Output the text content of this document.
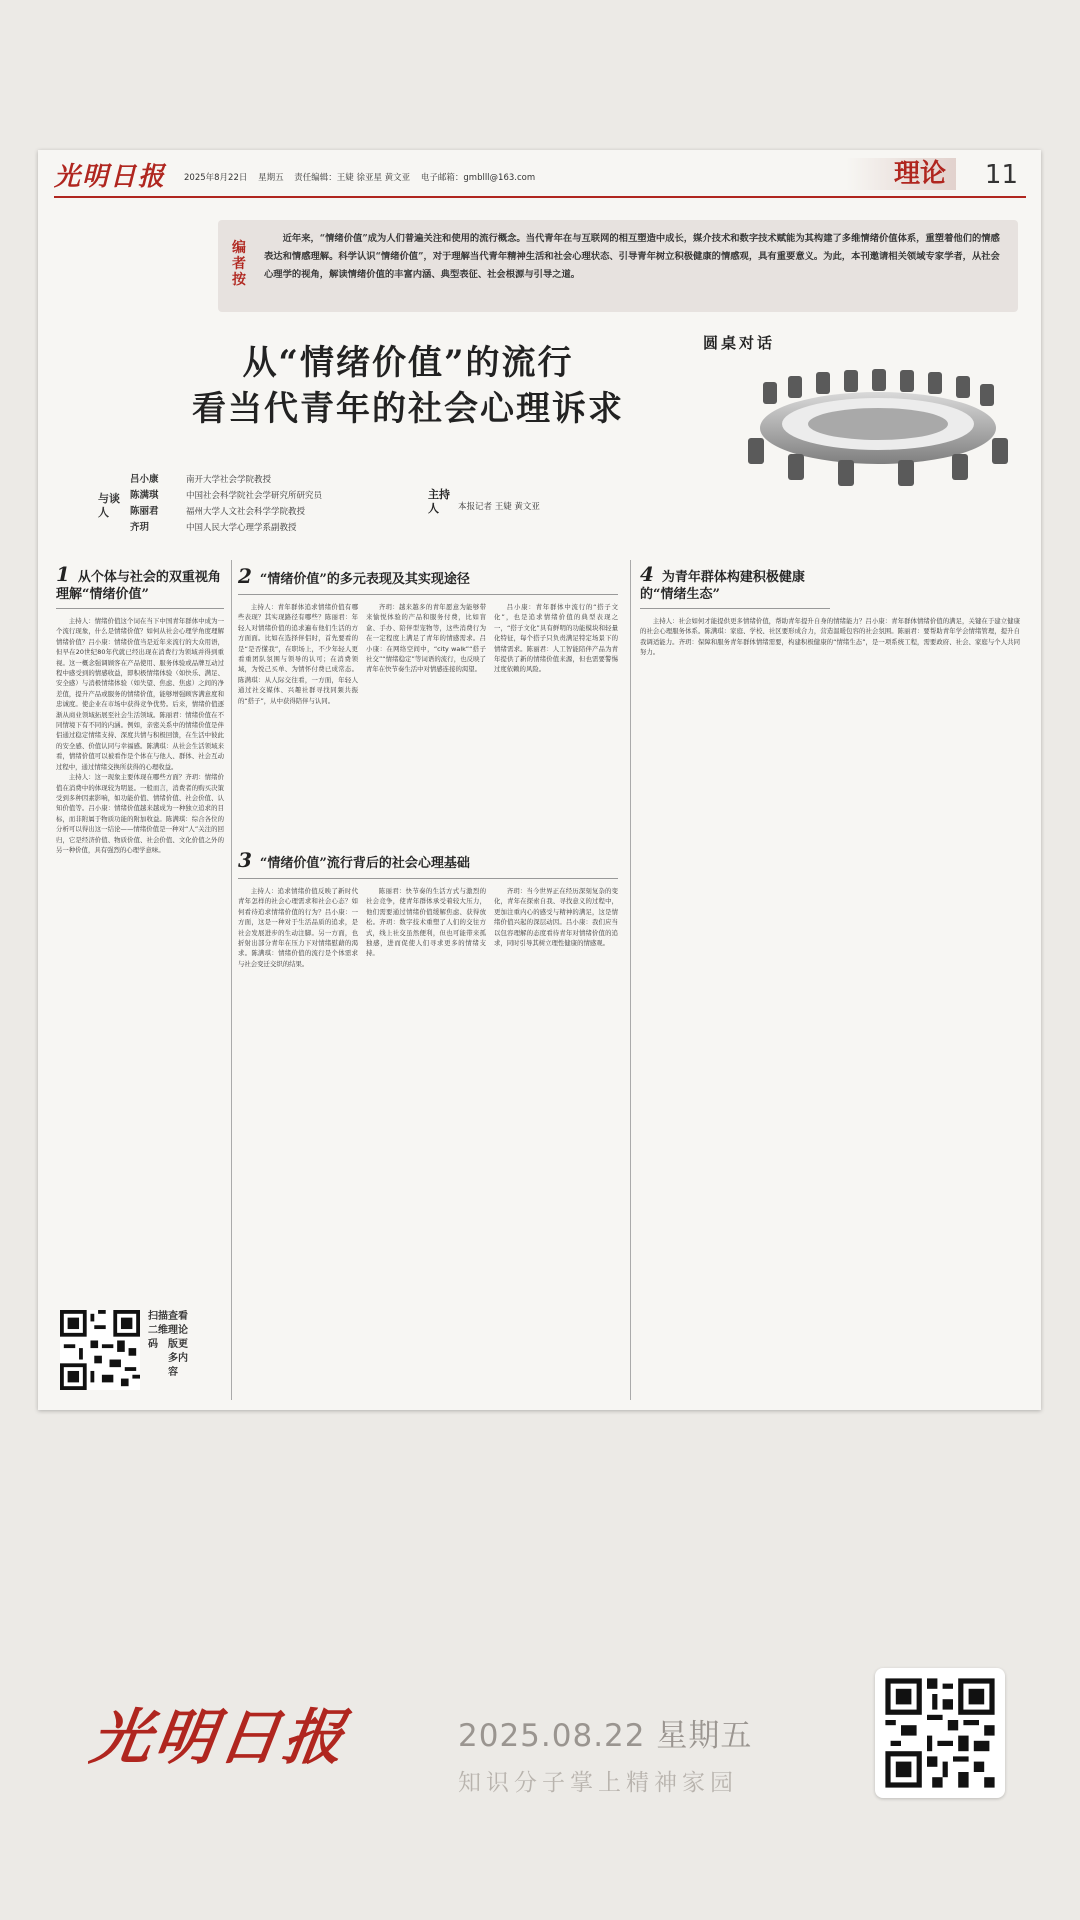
光明日报 2025年8月22日 星期五 责任编辑：王婕 徐亚星 黄文亚 电子邮箱：gmblll@163.com	理论	11
编者按
近年来，“情绪价值”成为人们普遍关注和使用的流行概念。当代青年在与互联网的相互塑造中成长，媒介技术和数字技术赋能为其构建了多维情绪价值体系，重塑着他们的情感表达和情感理解。科学认识“情绪价值”，对于理解当代青年精神生活和社会心理状态、引导青年树立积极健康的情感观，具有重要意义。为此，本刊邀请相关领域专家学者，从社会心理学的视角，解读情绪价值的丰富内涵、典型表征、社会根源与引导之道。
从“情绪价值”的流行
看当代青年的社会心理诉求
圆桌对话
与谈人
吕小康	南开大学社会学院教授
陈满琪	中国社会科学院社会学研究所研究员
陈丽君	福州大学人文社会科学学院教授
齐玥	中国人民大学心理学系副教授
主持人	本报记者 王婕 黄文亚
1 从个体与社会的双重视角理解“情绪价值”
2 “情绪价值”的多元表现及其实现途径
3 “情绪价值”流行背后的社会心理基础
4 为青年群体构建积极健康的“情绪生态”

主持人：情绪价值这个词在当下中国青年群体中成为一个流行现象，什么是情绪价值？如何从社会心理学角度理解情绪价值？吕小康：情绪价值当是近年来流行的大众用语，但早在20世纪80年代就已经出现在消费行为领域并得到重视。这一概念强调顾客在产品使用、服务体验或品牌互动过程中感受到的情感收益，即积极情绪体验（如快乐、满足、安全感）与消极情绪体验（如失望、焦虑、焦虑）之间的净差值，提升产品或服务的情绪价值，能够增强顾客满意度和忠诚度。使企业在市场中获得竞争优势。后来，情绪价值逐渐从商业领域拓展至社会生活领域。陈丽君：情绪价值在不同情境下有不同的内涵。例如，亲密关系中的情绪价值是伴侣通过稳定情绪支持、深度共情与积极回馈，在生活中彼此的安全感、价值认同与幸福感。陈满琪：从社会生活领域来看，情绪价值可以被看作是个体在与他人、群体、社会互动过程中，通过情绪交换所获得的心理收益。

主持人：这一现象主要体现在哪些方面？齐玥：情绪价值在消费中的体现较为明显。一般而言，消费者的购买决策受到多种因素影响，如功能价值、情绪价值、社会价值、认知价值等。吕小康：情绪价值越来越成为一种独立追求的目标，而非附属于物质功能的附加收益。陈满琪：综合各位的分析可以得出这一结论——情绪价值是一种对“人”关注的回归，它是经济价值、物质价值、社会价值、文化价值之外的另一种价值，具有强烈的心理学意味。

主持人：青年群体追求情绪价值有哪些表现？其实现路径有哪些？陈丽君：年轻人对情绪价值的追求遍布他们生活的方方面面。比如在选择伴侣时，首先要看的是“是否懂我”，在职场上，不少年轻人更看重团队氛围与领导的认可；在消费领域，为悦己买单、为情怀付费已成常态。陈满琪：从人际交往看，一方面，年轻人通过社交媒体、兴趣社群寻找同频共振的“搭子”，从中获得陪伴与认同。

齐玥：越来越多的青年愿意为能够带来愉悦体验的产品和服务付费，比如盲盒、手办、陪伴型宠物等，这些消费行为在一定程度上满足了青年的情感需求。吕小康：在网络空间中，“city walk”“搭子社交”“情绪稳定”等词语的流行，也反映了青年在快节奏生活中对情感连接的渴望。

吕小康：青年群体中流行的“搭子文化”，也是追求情绪价值的典型表现之一，“搭子文化”具有鲜明的功能模块和轻量化特征，每个搭子只负责满足特定场景下的情绪需求。陈丽君：人工智能陪伴产品为青年提供了新的情绪价值来源，但也需要警惕过度依赖的风险。

主持人：追求情绪价值反映了新时代青年怎样的社会心理需求和社会心态？如何看待追求情绪价值的行为？吕小康：一方面，这是一种对于生活品质的追求，是社会发展进步的生动注脚。另一方面，也折射出部分青年在压力下对情绪慰藉的渴求。陈满琪：情绪价值的流行是个体需求与社会变迁交织的结果。

陈丽君：快节奏的生活方式与激烈的社会竞争，使青年群体承受着较大压力，他们需要通过情绪价值缓解焦虑、获得放松。齐玥：数字技术重塑了人们的交往方式，线上社交虽然便利，但也可能带来孤独感，进而促使人们寻求更多的情绪支持。

齐玥：当今世界正在经历深刻复杂的变化，青年在探索自我、寻找意义的过程中，更加注重内心的感受与精神的满足，这是情绪价值兴起的深层动因。吕小康：我们应当以包容理解的态度看待青年对情绪价值的追求，同时引导其树立理性健康的情感观。

主持人：社会如何才能提供更多情绪价值，帮助青年提升自身的情绪能力？吕小康：青年群体情绪价值的满足，关键在于建立健康的社会心理服务体系。陈满琪：家庭、学校、社区要形成合力，营造温暖包容的社会氛围。陈丽君：要帮助青年学会情绪管理，提升自我调适能力。齐玥：保障和服务青年群体情绪需要，构建积极健康的“情绪生态”，是一项系统工程，需要政府、社会、家庭与个人共同努力。

扫描二维码
查看理论版更多内容
光明日报	2025.08.22 星期五
知识分子掌上精神家园
